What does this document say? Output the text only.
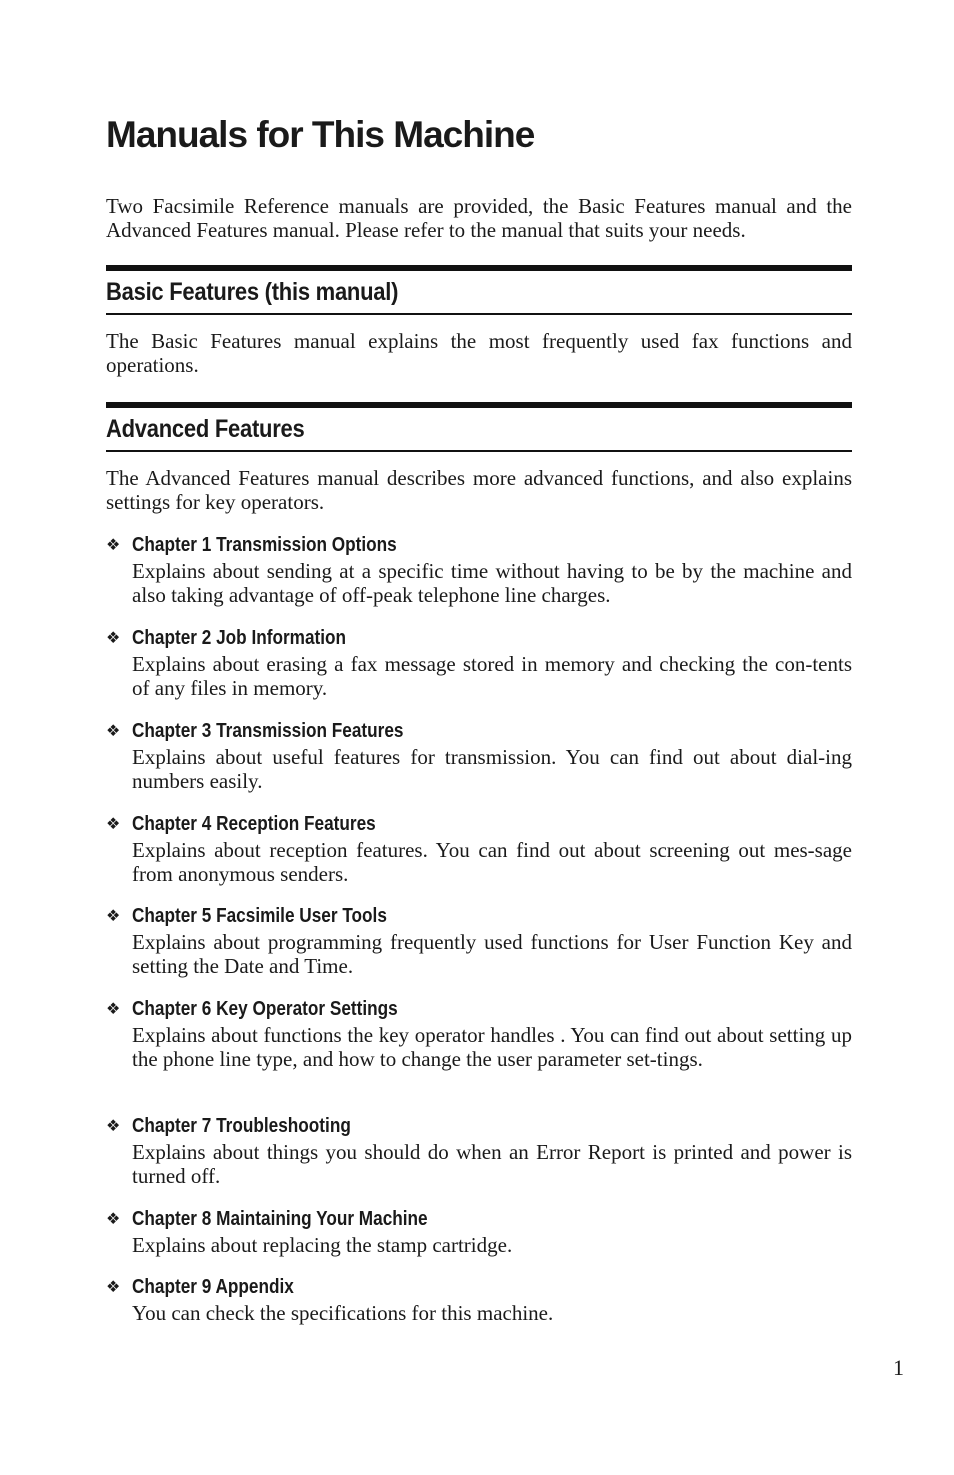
Manuals for This Machine

Two Facsimile Reference manuals are provided, the Basic Features manual and the Advanced Features manual. Please refer to the manual that suits your needs.

Basic Features (this manual)

The Basic Features manual explains the most frequently used fax functions and operations.

Advanced Features

The Advanced Features manual describes more advanced functions, and also explains settings for key operators.

❖ Chapter 1 Transmission Options

Explains about sending at a specific time without having to be by the machine and also taking advantage of off-peak telephone line charges.

❖ Chapter 2 Job Information

Explains about erasing a fax message stored in memory and checking the con-tents of any files in memory.

❖ Chapter 3 Transmission Features

Explains about useful features for transmission. You can find out about dial-ing numbers easily.

❖ Chapter 4 Reception Features

Explains about reception features. You can find out about screening out mes-sage from anonymous senders.

❖ Chapter 5 Facsimile User Tools

Explains about programming frequently used functions for User Function Key and setting the Date and Time.

❖ Chapter 6 Key Operator Settings

Explains about functions the key operator handles . You can find out about setting up the phone line type, and how to change the user parameter set-tings.

❖ Chapter 7 Troubleshooting

Explains about things you should do when an Error Report is printed and power is turned off.

❖ Chapter 8 Maintaining Your Machine

Explains about replacing the stamp cartridge.

❖ Chapter 9 Appendix

You can check the specifications for this machine.

1
